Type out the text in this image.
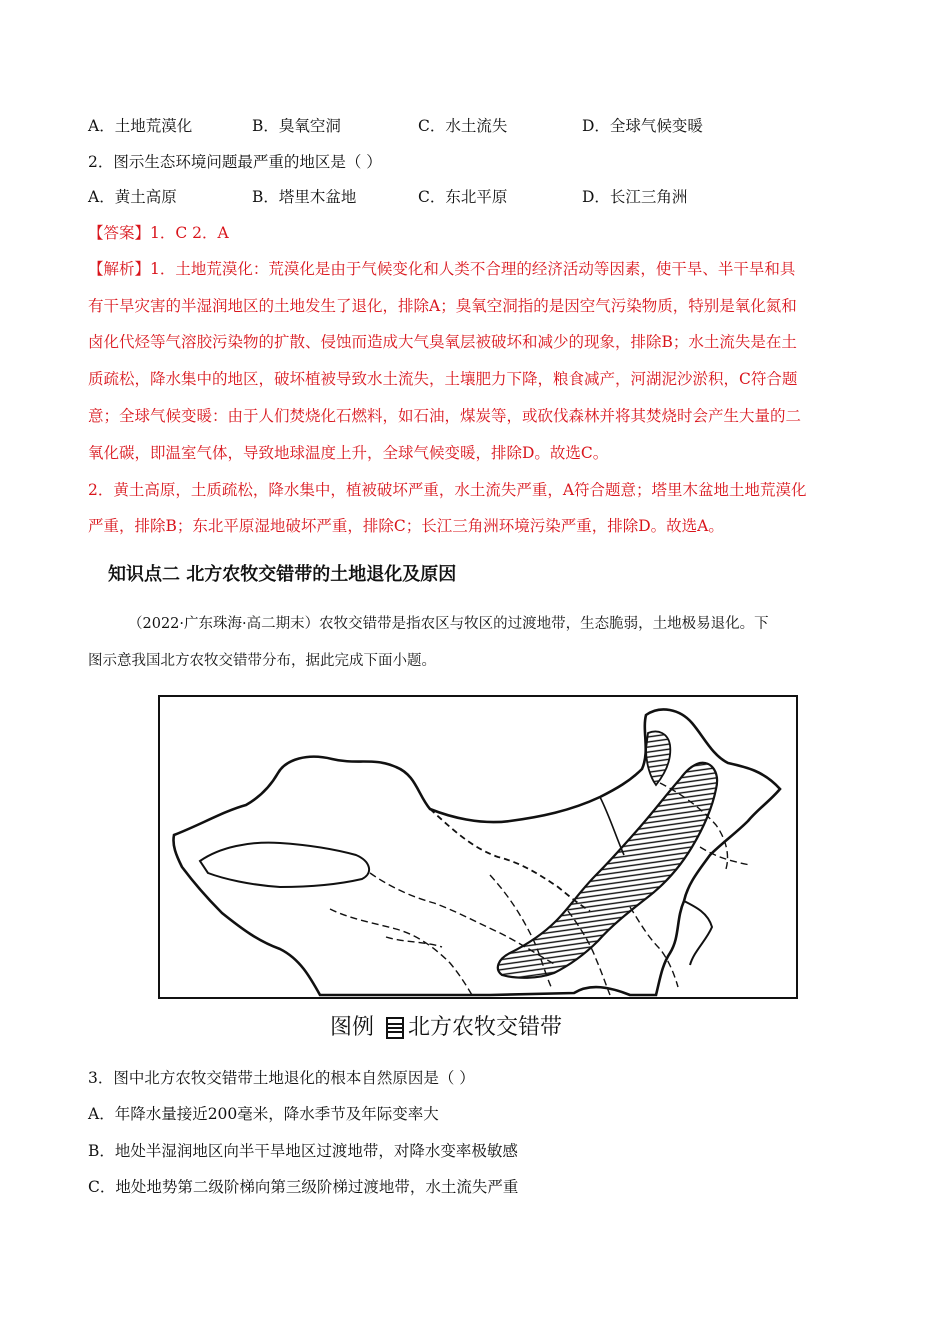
A．土地荒漠化	B．臭氧空洞	C．水土流失	D．全球气候变暖
2．图示生态环境问题最严重的地区是（ ）
A．黄土高原	B．塔里木盆地	C．东北平原	D．长江三角洲
【答案】1．C 2．A
【解析】1．土地荒漠化：荒漠化是由于气候变化和人类不合理的经济活动等因素，使干旱、半干旱和具
有干旱灾害的半湿润地区的土地发生了退化，排除A；臭氧空洞指的是因空气污染物质，特别是氧化氮和
卤化代烃等气溶胶污染物的扩散、侵蚀而造成大气臭氧层被破坏和减少的现象，排除B；水土流失是在土
质疏松，降水集中的地区，破坏植被导致水土流失，土壤肥力下降，粮食减产，河湖泥沙淤积，C符合题
意；全球气候变暖：由于人们焚烧化石燃料，如石油，煤炭等，或砍伐森林并将其焚烧时会产生大量的二
氧化碳，即温室气体，导致地球温度上升，全球气候变暖，排除D。故选C。
2．黄土高原，土质疏松，降水集中，植被破坏严重，水土流失严重，A符合题意；塔里木盆地土地荒漠化
严重，排除B；东北平原湿地破坏严重，排除C；长江三角洲环境污染严重，排除D。故选A。
知识点二 北方农牧交错带的土地退化及原因
（2022·广东珠海·高二期末）农牧交错带是指农区与牧区的过渡地带，生态脆弱，土地极易退化。下
图示意我国北方农牧交错带分布，据此完成下面小题。
图例 北方农牧交错带
3．图中北方农牧交错带土地退化的根本自然原因是（ ）
A．年降水量接近200毫米，降水季节及年际变率大
B．地处半湿润地区向半干旱地区过渡地带，对降水变率极敏感
C．地处地势第二级阶梯向第三级阶梯过渡地带，水土流失严重
